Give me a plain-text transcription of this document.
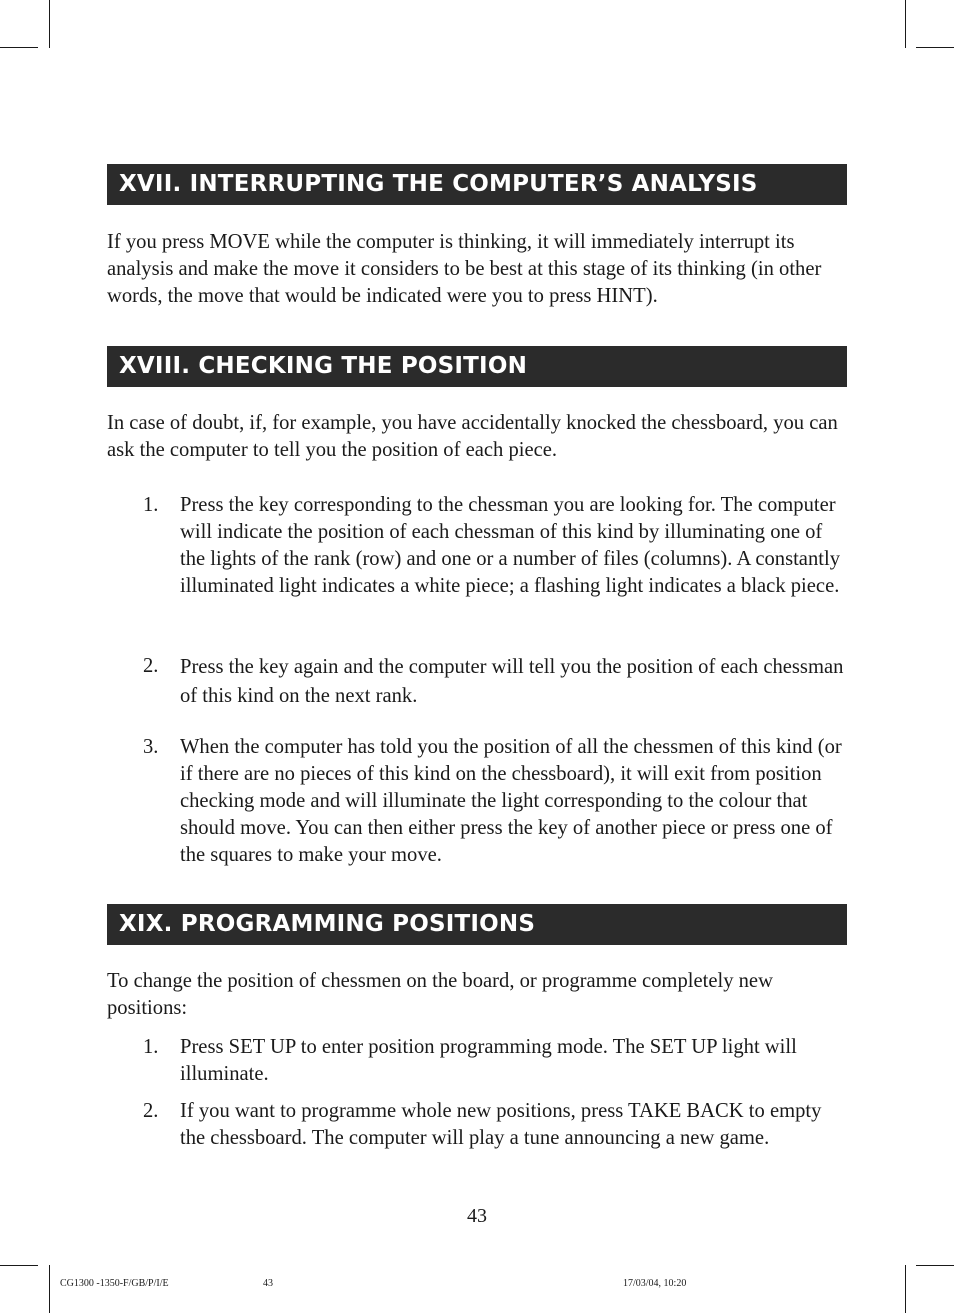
XVII. INTERRUPTING THE COMPUTER’S ANALYSIS

If you press MOVE while the computer is thinking, it will immediately interrupt its analysis and make the move it considers to be best at this stage of its thinking (in other words, the move that would be indicated were you to press HINT).

XVIII. CHECKING THE POSITION

In case of doubt, if, for example, you have accidentally knocked the chessboard, you can ask the computer to tell you the position of each piece.

1. Press the key corresponding to the chessman you are looking for. The computer will indicate the position of each chessman of this kind by illuminating one of the lights of the rank (row) and one or a number of files (columns). A constantly illuminated light indicates a white piece; a flashing light indicates a black piece.
2. Press the key again and the computer will tell you the position of each chessman of this kind on the next rank.
3. When the computer has told you the position of all the chessmen of this kind (or if there are no pieces of this kind on the chessboard), it will exit from position checking mode and will illuminate the light corresponding to the colour that should move. You can then either press the key of another piece or press one of the squares to make your move.
XIX. PROGRAMMING POSITIONS

To change the position of chessmen on the board, or programme completely new positions:

1. Press SET UP to enter position programming mode. The SET UP light will illuminate.
2. If you want to programme whole new positions, press TAKE BACK to empty the chessboard. The computer will play a tune announcing a new game.
43
CG1300 -1350-F/GB/P/I/E	43	17/03/04, 10:20
